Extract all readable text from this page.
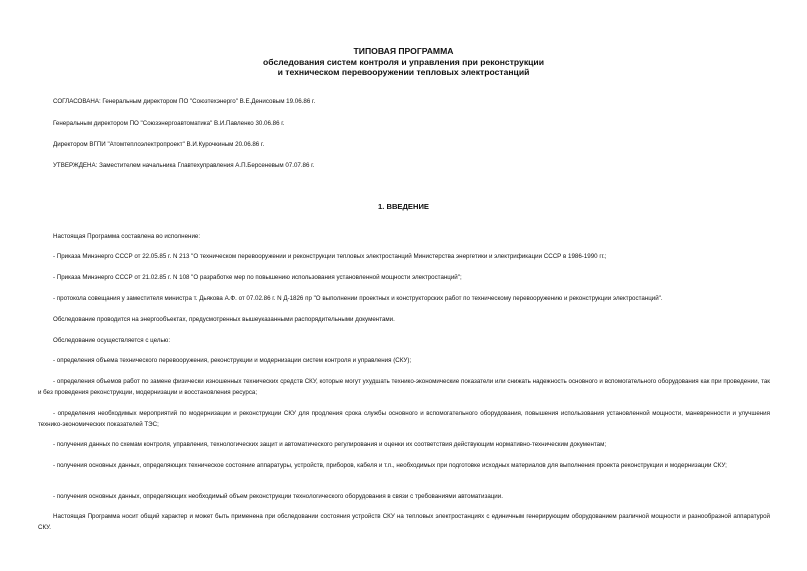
ТИПОВАЯ ПРОГРАММА
обследования систем контроля и управления при реконструкции
и техническом перевооружении тепловых электростанций
СОГЛАСОВАНА: Генеральным директором ПО "Союзтехэнерго" В.Е.Денисовым 19.06.86 г.
Генеральным директором ПО "Союзэнергоавтоматика" В.И.Павленко 30.06.86 г.
Директором ВГПИ "Атомтеплоэлектропроект" В.И.Курочкиным 20.06.86 г.
УТВЕРЖДЕНА: Заместителем начальника Главтехуправления А.П.Берсеневым 07.07.86 г.
1. ВВЕДЕНИЕ
Настоящая Программа составлена во исполнение:
- Приказа Минэнерго СССР от 22.05.85 г. N 213 "О техническом перевооружении и реконструкции тепловых электростанций Министерства энергетики и электрификации СССР в 1986-1990 гг.;
- Приказа Минэнерго СССР от 21.02.85 г. N 108 "О разработке мер по повышению использования установленной мощности электростанций";
- протокола совещания у заместителя министра т. Дьякова А.Ф. от 07.02.86 г. N Д-1826 пр "О выполнении проектных и конструкторских работ по техническому перевооружению и реконструкции электростанций".
Обследование проводится на энергообъектах, предусмотренных вышеуказанными распорядительными документами.
Обследование осуществляется с целью:
- определения объема технического перевооружения, реконструкции и модернизации систем контроля и управления (СКУ);
- определения объемов работ по замене физически изношенных технических средств СКУ, которые могут ухудшать технико-экономические показатели или снижать надежность основного и вспомогательного оборудования как при проведении, так и без проведения реконструкции, модернизации и восстановления ресурса;
- определения необходимых мероприятий по модернизации и реконструкции СКУ для продления срока службы основного и вспомогательного оборудования, повышения использования установленной мощности, маневренности и улучшения технико-экономических показателей ТЭС;
- получения данных по схемам контроля, управления, технологических защит и автоматического регулирования и оценки их соответствия действующим нормативно-техническим документам;
- получения основных данных, определяющих техническое состояние аппаратуры, устройств, приборов, кабеля и т.п., необходимых при подготовке исходных материалов для выполнения проекта реконструкции и модернизации СКУ;
- получения основных данных, определяющих необходимый объем реконструкции технологического оборудования в связи с требованиями автоматизации.
Настоящая Программа носит общий характер и может быть применена при обследовании состояния устройств СКУ на тепловых электростанциях с единичным генерирующим оборудованием различной мощности и разнообразной аппаратурой СКУ.
